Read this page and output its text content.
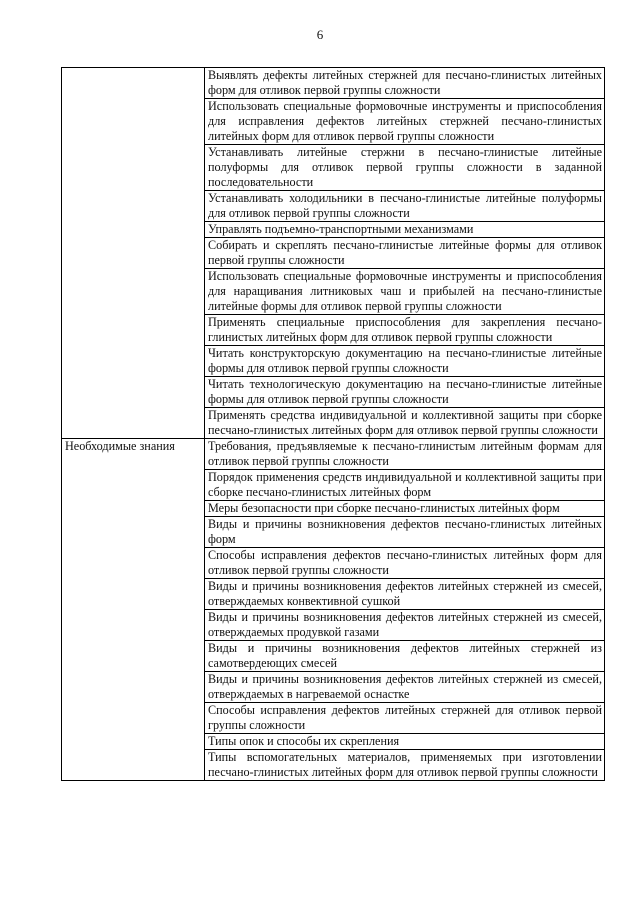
6
	Выявлять дефекты литейных стержней для песчано-глинистых литейных форм для отливок первой группы сложности
	Использовать специальные формовочные инструменты и приспособления для исправления дефектов литейных стержней песчано-глинистых литейных форм для отливок первой группы сложности
	Устанавливать литейные стержни в песчано-глинистые литейные полуформы для отливок первой группы сложности в заданной последовательности
	Устанавливать холодильники в песчано-глинистые литейные полуформы для отливок первой группы сложности
	Управлять подъемно-транспортными механизмами
	Собирать и скреплять песчано-глинистые литейные формы для отливок первой группы сложности
	Использовать специальные формовочные инструменты и приспособления для наращивания литниковых чаш и прибылей на песчано-глинистые литейные формы для отливок первой группы сложности
	Применять специальные приспособления для закрепления песчано-глинистых литейных форм для отливок первой группы сложности
	Читать конструкторскую документацию на песчано-глинистые литейные формы для отливок первой группы сложности
	Читать технологическую документацию на песчано-глинистые литейные формы для отливок первой группы сложности
	Применять средства индивидуальной и коллективной защиты при сборке песчано-глинистых литейных форм для отливок первой группы сложности
Необходимые знания	Требования, предъявляемые к песчано-глинистым литейным формам для отливок первой группы сложности
	Порядок применения средств индивидуальной и коллективной защиты при сборке песчано-глинистых литейных форм
	Меры безопасности при сборке песчано-глинистых литейных форм
	Виды и причины возникновения дефектов песчано-глинистых литейных форм
	Способы исправления дефектов песчано-глинистых литейных форм для отливок первой группы сложности
	Виды и причины возникновения дефектов литейных стержней из смесей, отверждаемых конвективной сушкой
	Виды и причины возникновения дефектов литейных стержней из смесей, отверждаемых продувкой газами
	Виды и причины возникновения дефектов литейных стержней из самотвердеющих смесей
	Виды и причины возникновения дефектов литейных стержней из смесей, отверждаемых в нагреваемой оснастке
	Способы исправления дефектов литейных стержней для отливок первой группы сложности
	Типы опок и способы их скрепления
	Типы вспомогательных материалов, применяемых при изготовлении песчано-глинистых литейных форм для отливок первой группы сложности
